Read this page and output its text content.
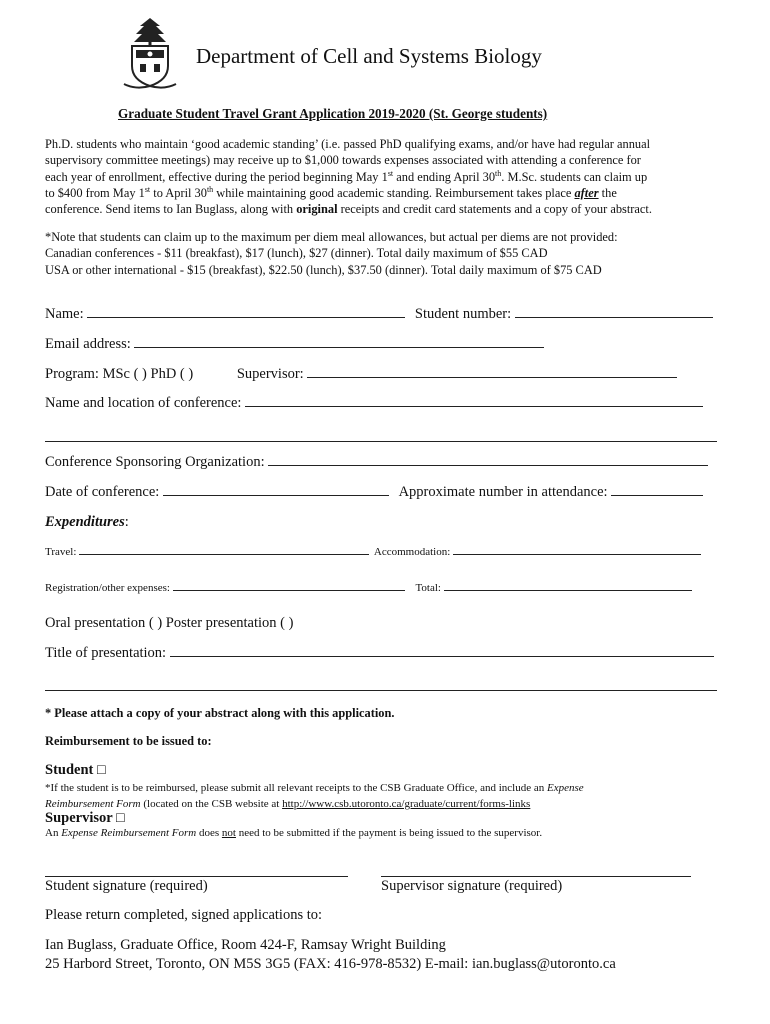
Department of Cell and Systems Biology
Graduate Student Travel Grant Application 2019-2020 (St. George students)
Ph.D. students who maintain ‘good academic standing’ (i.e. passed PhD qualifying exams, and/or have had regular annual
supervisory committee meetings) may receive up to $1,000 towards expenses associated with attending a conference for
each year of enrollment, effective during the period beginning May 1st and ending April 30th. M.Sc. students can claim up
to $400 from May 1st to April 30th while maintaining good academic standing. Reimbursement takes place after the
conference. Send items to Ian Buglass, along with original receipts and credit card statements and a copy of your abstract.
*Note that students can claim up to the maximum per diem meal allowances, but actual per diems are not provided:
Canadian conferences - $11 (breakfast), $17 (lunch), $27 (dinner). Total daily maximum of $55 CAD
USA or other international - $15 (breakfast), $22.50 (lunch), $37.50 (dinner). Total daily maximum of $75 CAD
Name:	Student number:
Email address:
Program: MSc ( ) PhD ( )	Supervisor:
Name and location of conference:
Conference Sponsoring Organization:
Date of conference:	Approximate number in attendance:
Expenditures:
Travel:	Accommodation:
Registration/other expenses:	Total:
Oral presentation ( ) Poster presentation ( )
Title of presentation:
* Please attach a copy of your abstract along with this application.
Reimbursement to be issued to:
Student □
*If the student is to be reimbursed, please submit all relevant receipts to the CSB Graduate Office, and include an Expense
Reimbursement Form (located on the CSB website at http://www.csb.utoronto.ca/graduate/current/forms-links
Supervisor □
An Expense Reimbursement Form does not need to be submitted if the payment is being issued to the supervisor.
Student signature (required)	Supervisor signature (required)
Please return completed, signed applications to:
Ian Buglass, Graduate Office, Room 424-F, Ramsay Wright Building
25 Harbord Street, Toronto, ON M5S 3G5 (FAX: 416-978-8532) E-mail: ian.buglass@utoronto.ca
